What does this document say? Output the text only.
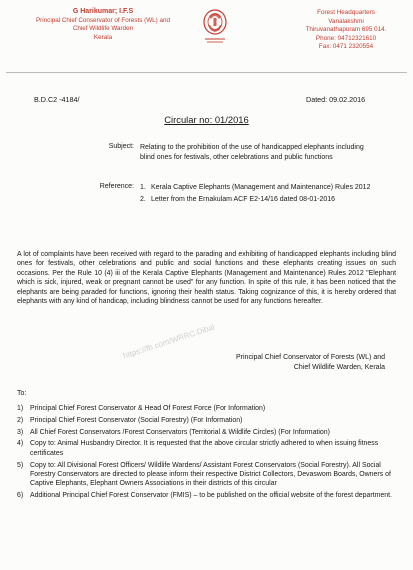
G Harikumar; I.F.S
Principal Chief Conservator of Forests (WL) and
Chief Wildlife Warden
Kerala
Forest Headquarters
Vanalakshmi
Thiruvanathapuram 695 014.
Phone: 04712321610
Fax: 0471 2320554
B.D.C2 -4184/	Dated: 09.02.2016
Circular no: 01/2016
Subject: Relating to the prohibition of the use of handicapped elephants including blind ones for festivals, other celebrations and public functions
Reference: 1. Kerala Captive Elephants (Management and Maintenance) Rules 2012
2. Letter from the Ernakulam ACF E2-14/16 dated 08-01-2016
A lot of complaints have been received with regard to the parading and exhibiting of handicapped elephants including blind ones for festivals, other celebrations and public and social functions and these elephants creating issues on such occasions. Per the Rule 10 (4) iii of the Kerala Captive Elephants (Management and Maintenance) Rules 2012 "Elephant which is sick, injured, weak or pregnant cannot be used" for any function. In spite of this rule, it has been noticed that the elephants are being paraded for functions, ignoring their health status. Taking cognizance of this, it is hereby ordered that elephants with any kind of handicap, including blindness cannot be used for any functions hereafter.
https://fb.com/WRRC.Dibal	Principal Chief Conservator of Forests (WL) and
Chief Wildlife Warden, Kerala
To:
1) Principal Chief Forest Conservator & Head Of Forest Force (For Information)
2) Principal Chief Forest Conservator (Social Forestry) (For Information)
3) All Chief Forest Conservators /Forest Conservators (Territorial & Wildlife Circles) (For Information)
4) Copy to: Animal Husbandry Director. It is requested that the above circular strictly adhered to when issuing fitness certificates
5) Copy to: All Divisional Forest Officers/ Wildlife Wardens/ Assistant Forest Conservators (Social Forestry). All Social Forestry Conservators are directed to please inform their respective District Collectors, Devaswom Boards, Owners of Captive Elephants, Elephant Owners Associations in their districts of this circular
6) Additional Principal Chief Forest Conservator (FMIS) – to be published on the official website of the forest department.
